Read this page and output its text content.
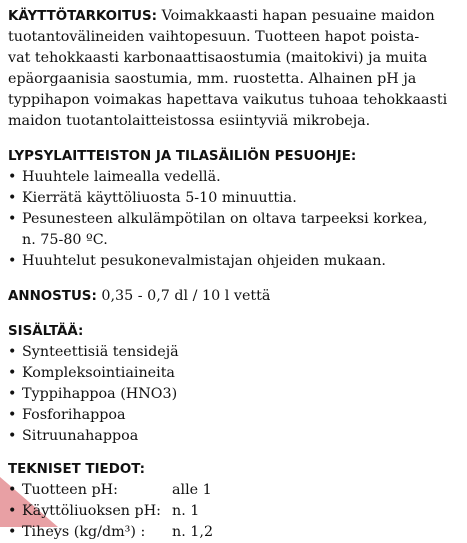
KÄYTTÖTARKOITUS: Voimakkaasti hapan pesuaine maidon

tuotantovälineiden vaihtopesuun. Tuotteen hapot poista-

vat tehokkaasti karbonaattisaostumia (maitokivi) ja muita

epäorgaanisia saostumia, mm. ruostetta. Alhainen pH ja

typpihapon voimakas hapettava vaikutus tuhoaa tehokkaasti

maidon tuotantolaitteistossa esiintyviä mikrobeja.

LYPSYLAITTEISTON JA TILASÄILIÖN PESUOHJE:

• Huuhtele laimealla vedellä.
• Kierrätä käyttöliuosta 5-10 minuuttia.
• Pesunesteen alkulämpötilan on oltava tarpeeksi korkea,
n. 75-80 ºC.
• Huuhtelut pesukonevalmistajan ohjeiden mukaan.

ANNOSTUS: 0,35 - 0,7 dl / 10 l vettä

SISÄLTÄÄ:

• Synteettisiä tensidejä
• Kompleksointiaineita
• Typpihappoa (HNO3)
• Fosforihappoa
• Sitruunahappoa

TEKNISET TIEDOT:

• Tuotteen pH:	alle 1
• Käyttöliuoksen pH: n. 1
• Tiheys (kg/dm³) :	n. 1,2
